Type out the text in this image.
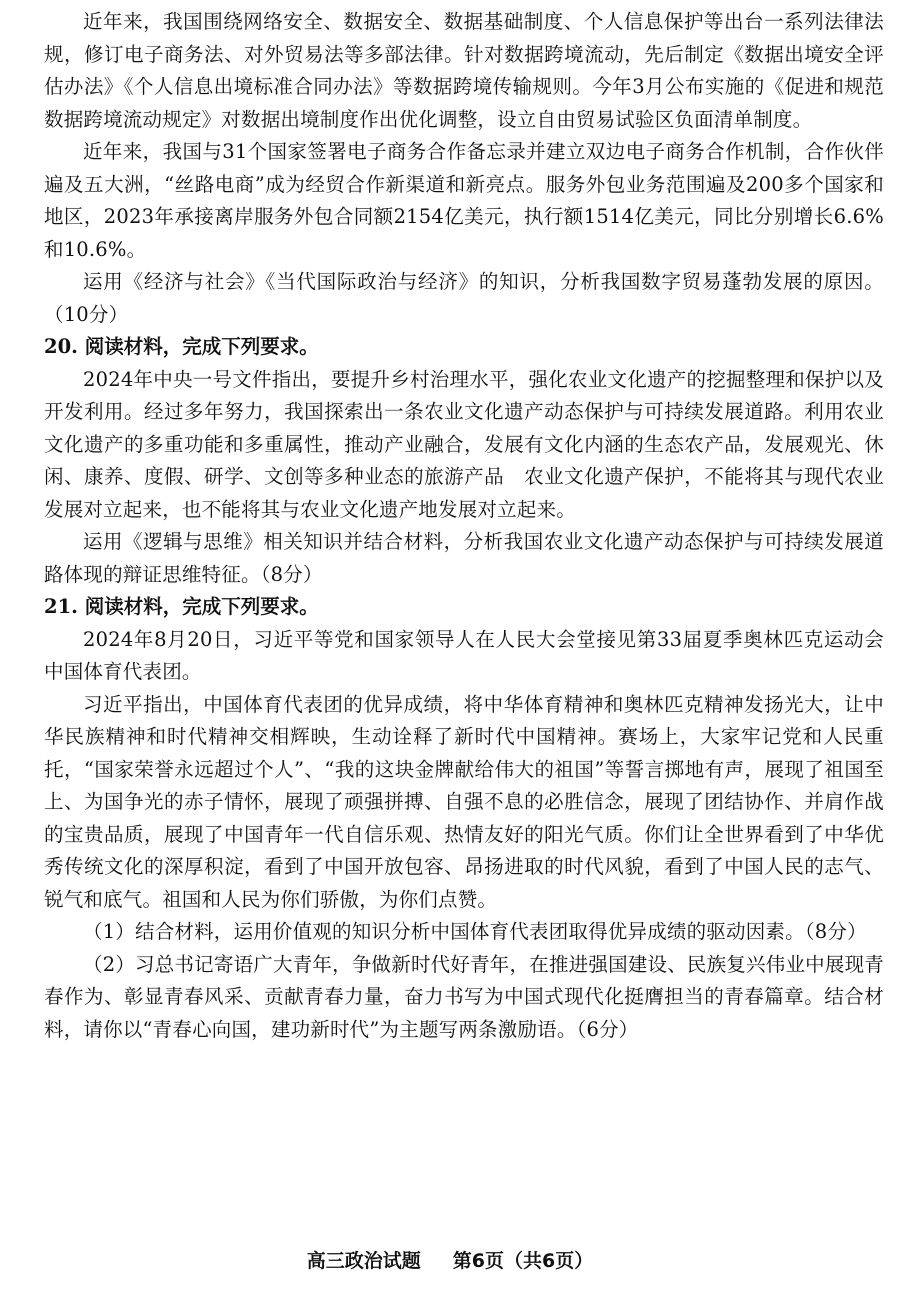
近年来，我国围绕网络安全、数据安全、数据基础制度、个人信息保护等出台一系列法律法规，修订电子商务法、对外贸易法等多部法律。针对数据跨境流动，先后制定《数据出境安全评估办法》《个人信息出境标准合同办法》等数据跨境传输规则。今年3月公布实施的《促进和规范数据跨境流动规定》对数据出境制度作出优化调整，设立自由贸易试验区负面清单制度。

近年来，我国与31个国家签署电子商务合作备忘录并建立双边电子商务合作机制，合作伙伴遍及五大洲，“丝路电商”成为经贸合作新渠道和新亮点。服务外包业务范围遍及200多个国家和地区，2023年承接离岸服务外包合同额2154亿美元，执行额1514亿美元，同比分别增长6.6%和10.6%。

运用《经济与社会》《当代国际政治与经济》的知识，分析我国数字贸易蓬勃发展的原因。（10分）

20. 阅读材料，完成下列要求。

2024年中央一号文件指出，要提升乡村治理水平，强化农业文化遗产的挖掘整理和保护以及开发利用。经过多年努力，我国探索出一条农业文化遗产动态保护与可持续发展道路。利用农业文化遗产的多重功能和多重属性，推动产业融合，发展有文化内涵的生态农产品，发展观光、休闲、康养、度假、研学、文创等多种业态的旅游产品　农业文化遗产保护，不能将其与现代农业发展对立起来，也不能将其与农业文化遗产地发展对立起来。

运用《逻辑与思维》相关知识并结合材料，分析我国农业文化遗产动态保护与可持续发展道路体现的辩证思维特征。（8分）

21. 阅读材料，完成下列要求。

2024年8月20日，习近平等党和国家领导人在人民大会堂接见第33届夏季奥林匹克运动会中国体育代表团。

习近平指出，中国体育代表团的优异成绩，将中华体育精神和奥林匹克精神发扬光大，让中华民族精神和时代精神交相辉映，生动诠释了新时代中国精神。赛场上，大家牢记党和人民重托，“国家荣誉永远超过个人”、“我的这块金牌献给伟大的祖国”等誓言掷地有声，展现了祖国至上、为国争光的赤子情怀，展现了顽强拼搏、自强不息的必胜信念，展现了团结协作、并肩作战的宝贵品质，展现了中国青年一代自信乐观、热情友好的阳光气质。你们让全世界看到了中华优秀传统文化的深厚积淀，看到了中国开放包容、昂扬进取的时代风貌，看到了中国人民的志气、锐气和底气。祖国和人民为你们骄傲，为你们点赞。

（1）结合材料，运用价值观的知识分析中国体育代表团取得优异成绩的驱动因素。（8分）

（2）习总书记寄语广大青年，争做新时代好青年，在推进强国建设、民族复兴伟业中展现青春作为、彰显青春风采、贡献青春力量，奋力书写为中国式现代化挺膺担当的青春篇章。结合材料，请你以“青春心向国，建功新时代”为主题写两条激励语。（6分）

高三政治试题 第6页（共6页）
